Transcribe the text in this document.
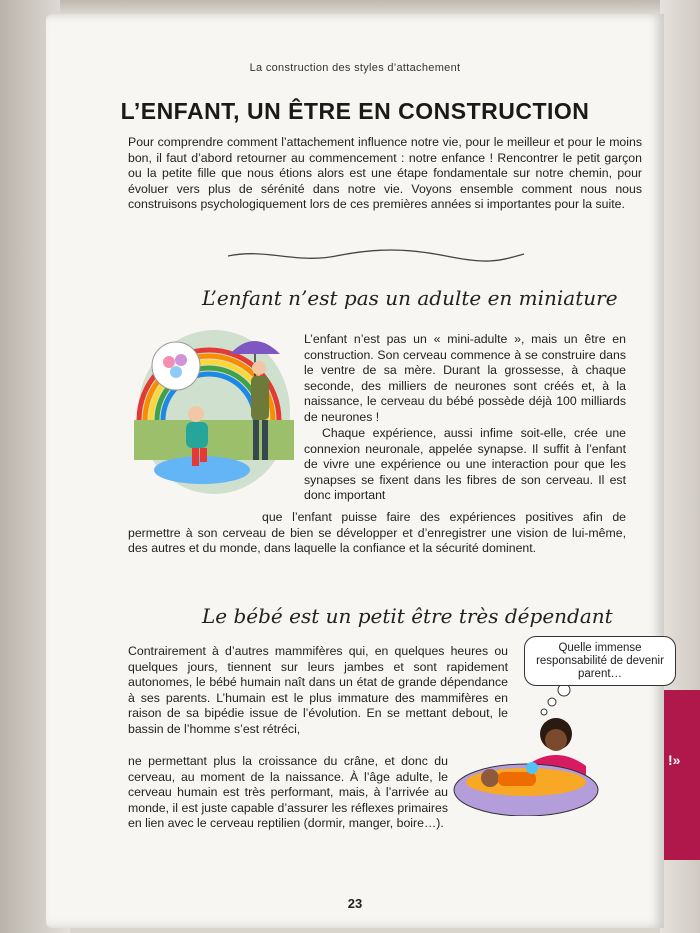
!»
La construction des styles d’attachement
L’ENFANT, UN ÊTRE EN CONSTRUCTION
Pour comprendre comment l’attachement influence notre vie, pour le meilleur et pour le moins bon, il faut d’abord retourner au commencement : notre enfance ! Rencontrer le petit garçon ou la petite fille que nous étions alors est une étape fondamentale sur notre chemin, pour évoluer vers plus de sérénité dans notre vie. Voyons ensemble comment nous nous construisons psychologiquement lors de ces premières années si importantes pour la suite.
L’enfant n’est pas un adulte en miniature
L’enfant n’est pas un « mini-adulte », mais un être en construction. Son cerveau commence à se construire dans le ventre de sa mère. Durant la grossesse, à chaque seconde, des milliers de neurones sont créés et, à la naissance, le cerveau du bébé possède déjà 100 milliards de neurones !
Chaque expérience, aussi infime soit-elle, crée une connexion neuronale, appelée synapse. Il suffit à l’enfant de vivre une expérience ou une interaction pour que les synapses se fixent dans les fibres de son cerveau. Il est donc important
que l’enfant puisse faire des expériences positives afin de permettre à son cerveau de bien se développer et d’enregistrer une vision de lui-même, des autres et du monde, dans laquelle la confiance et la sécurité dominent.
Le bébé est un petit être très dépendant
Contrairement à d’autres mammifères qui, en quelques heures ou quelques jours, tiennent sur leurs jambes et sont rapidement autonomes, le bébé humain naît dans un état de grande dépendance à ses parents. L’humain est le plus immature des mammifères en raison de sa bipédie issue de l’évolution. En se mettant debout, le bassin de l’homme s’est rétréci,
ne permettant plus la croissance du crâne, et donc du cerveau, au moment de la naissance. À l’âge adulte, le cerveau humain est très performant, mais, à l’arrivée au monde, il est juste capable d’assurer les réflexes primaires en lien avec le cerveau reptilien (dormir, manger, boire…).
Quelle immense responsabilité de devenir parent…
23
